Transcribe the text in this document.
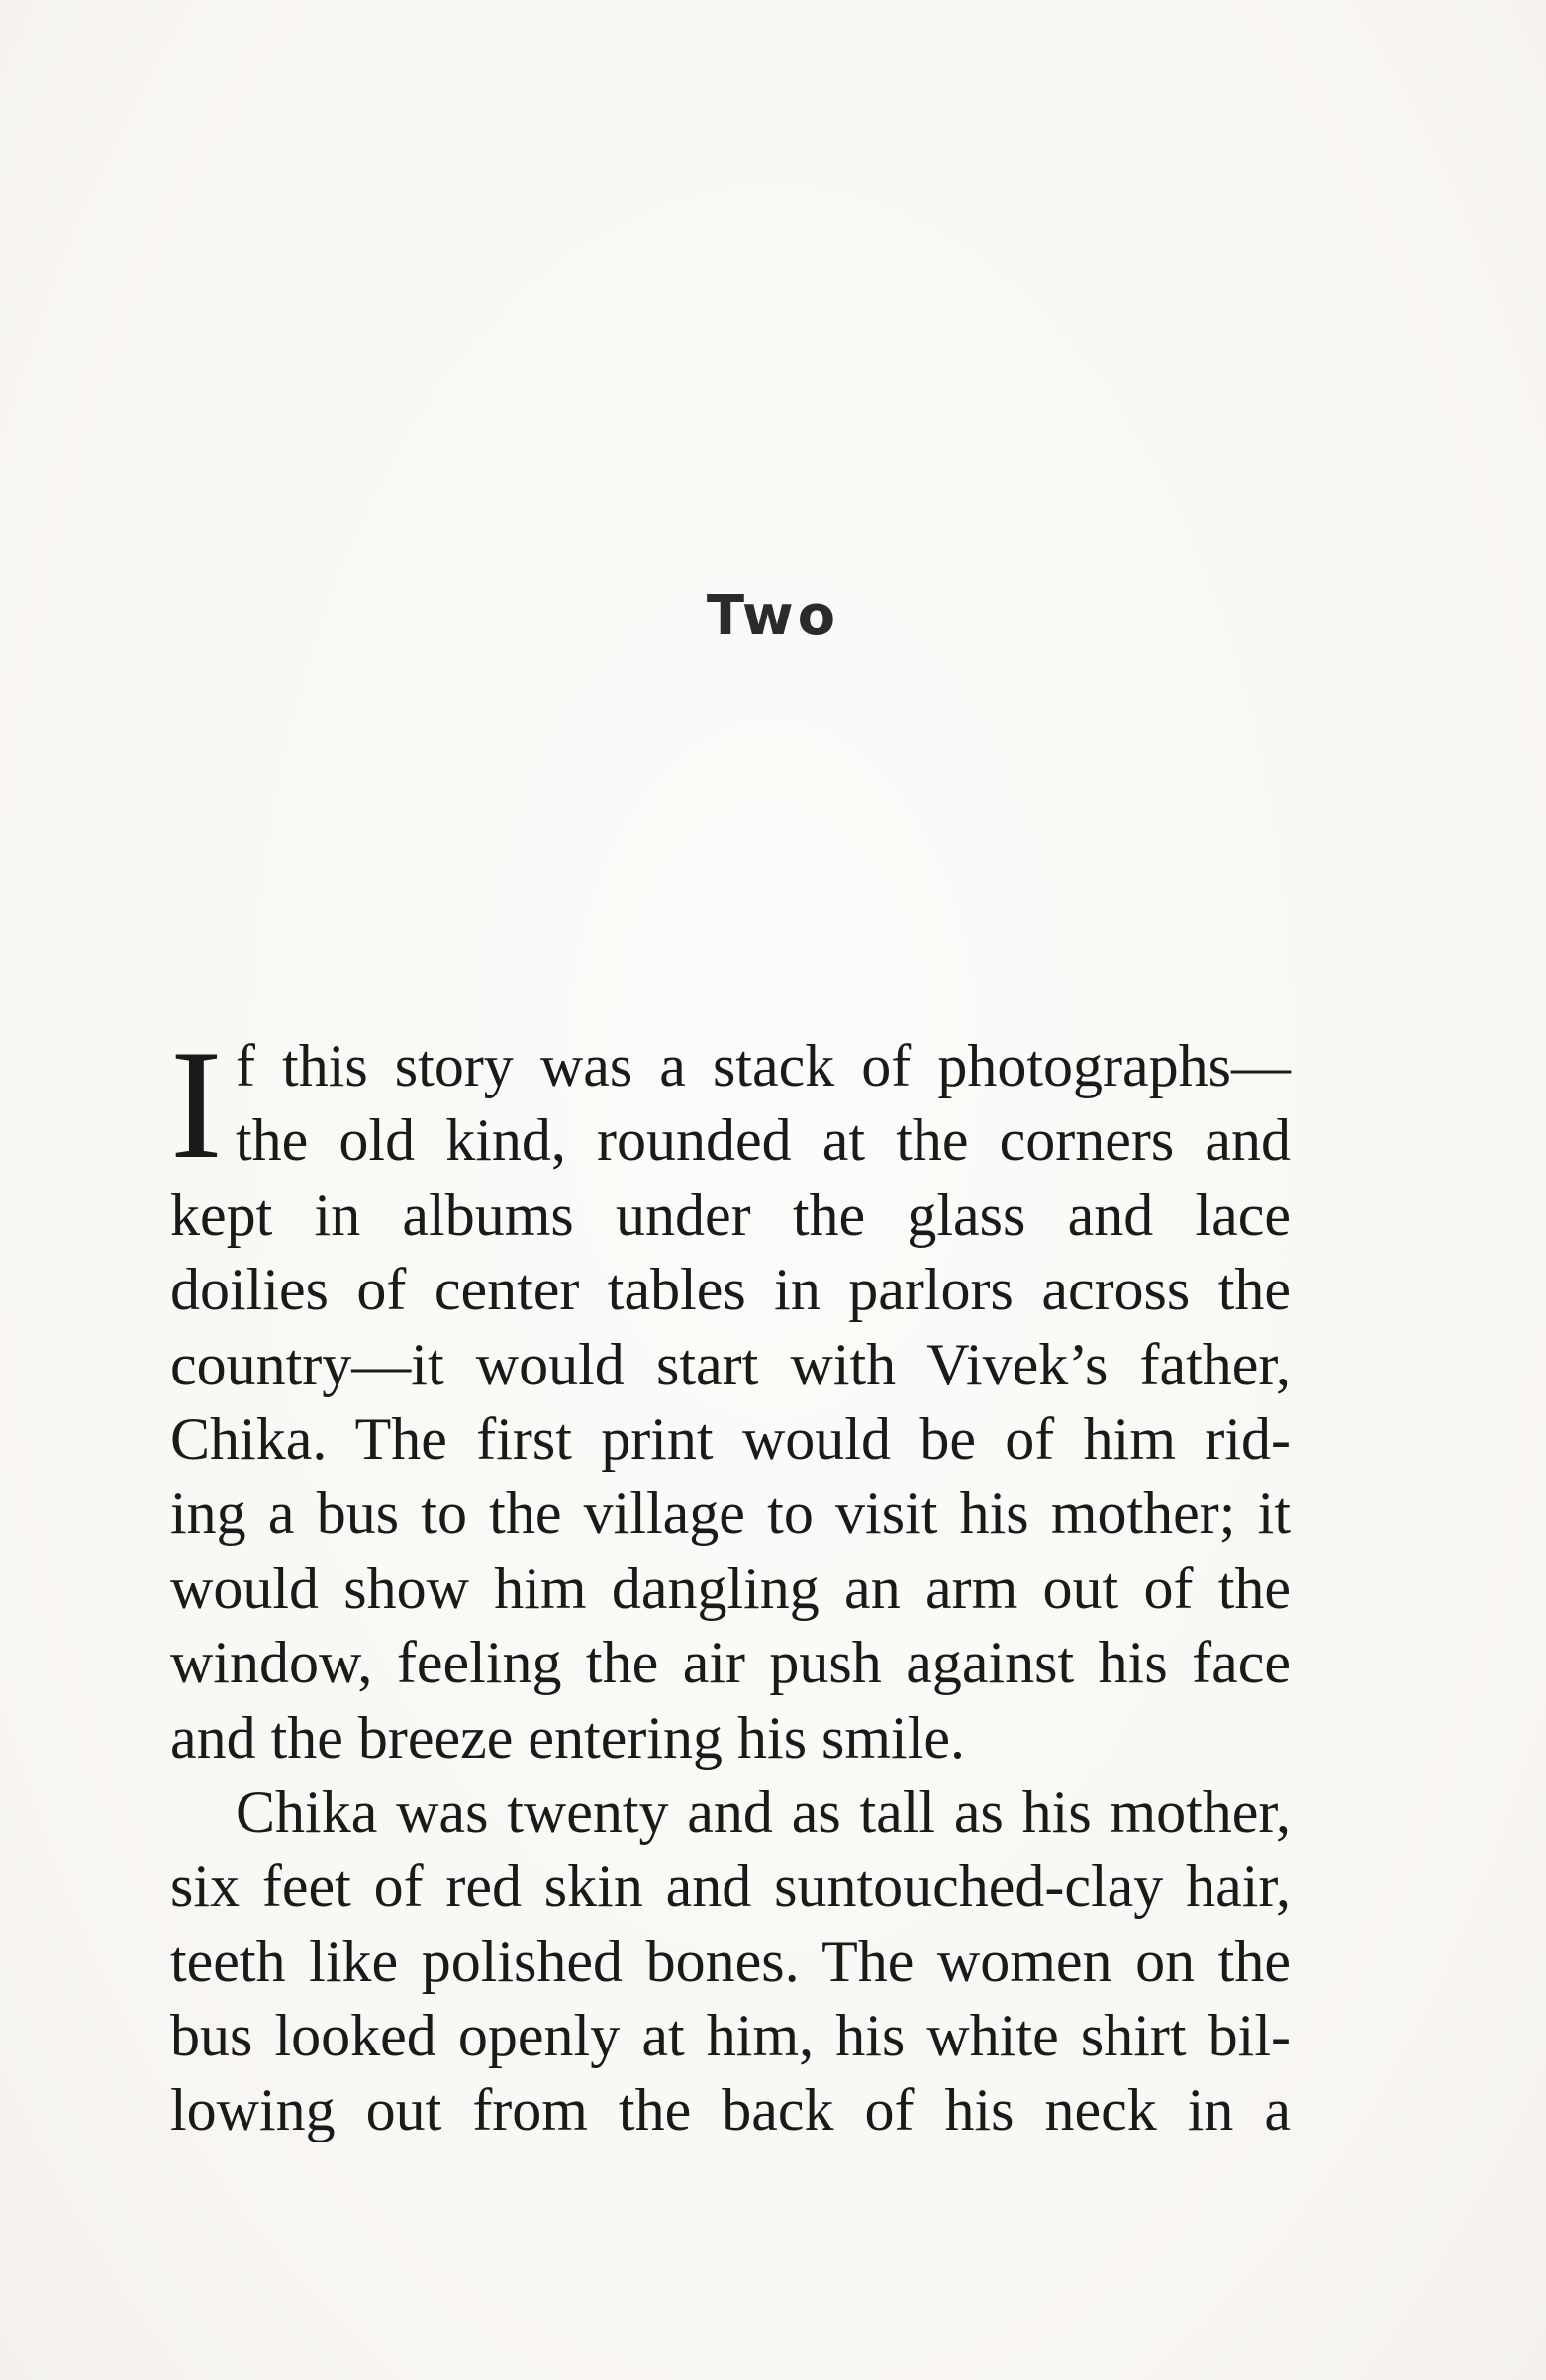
Two
I f this story was a stack of photographs—
the old kind, rounded at the corners and
kept in albums under the glass and lace
doilies of center tables in parlors across the
country—it would start with Vivek’s father,
Chika. The first print would be of him rid-
ing a bus to the village to visit his mother; it
would show him dangling an arm out of the
window, feeling the air push against his face
and the breeze entering his smile.
Chika was twenty and as tall as his mother,
six feet of red skin and suntouched-clay hair,
teeth like polished bones. The women on the
bus looked openly at him, his white shirt bil-
lowing out from the back of his neck in a
